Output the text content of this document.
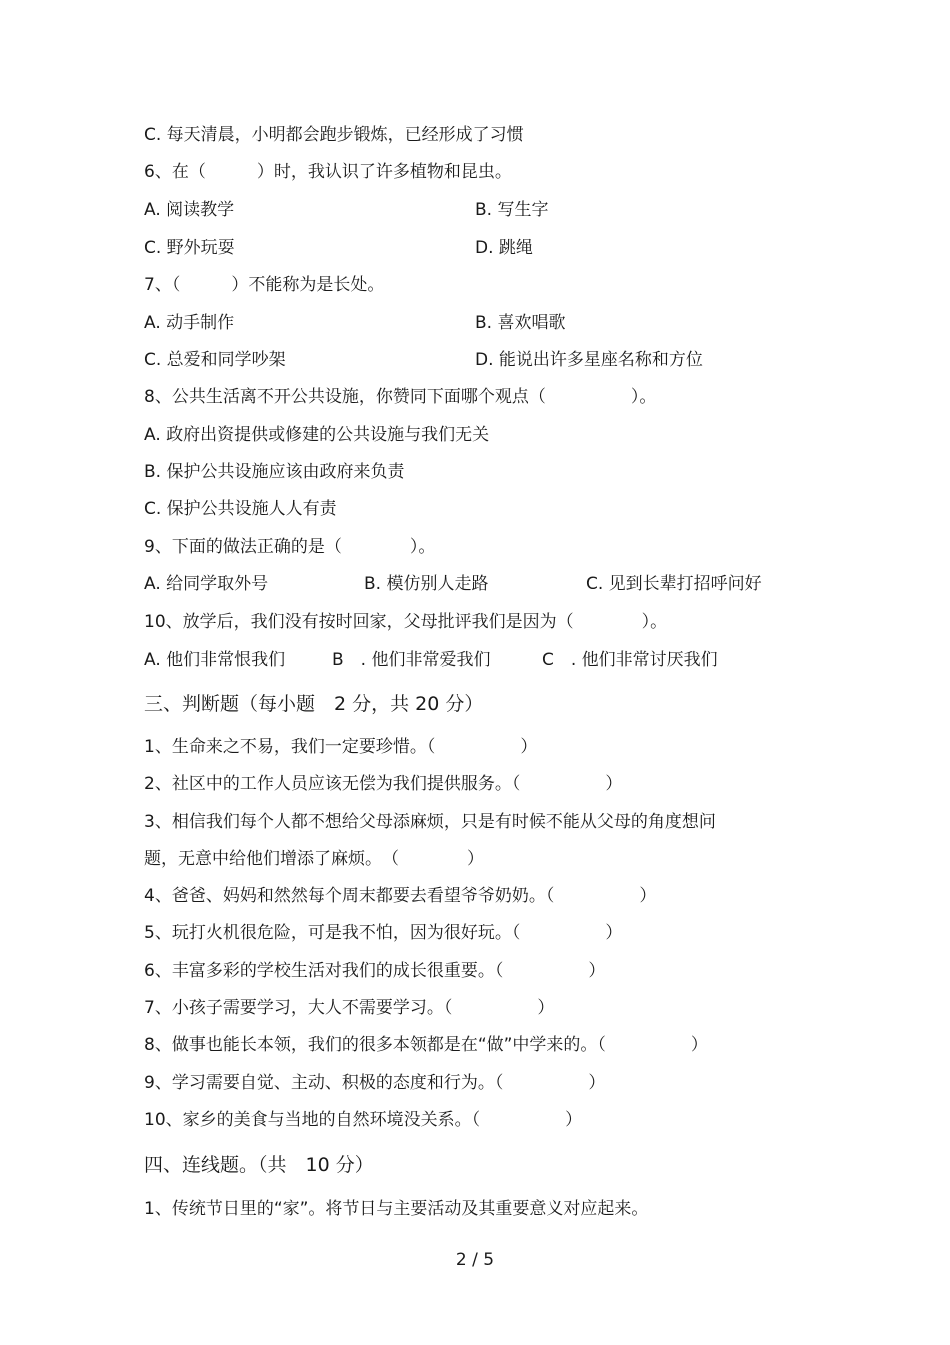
C. 每天清晨，小明都会跑步锻炼，已经形成了习惯
6、在（　　　）时，我认识了许多植物和昆虫。
A. 阅读教学	B. 写生字
C. 野外玩耍	D. 跳绳
7、（　　　）不能称为是长处。
A. 动手制作	B. 喜欢唱歌
C. 总爱和同学吵架	D. 能说出许多星座名称和方位
8、公共生活离不开公共设施，你赞同下面哪个观点（　　　　　）。
A. 政府出资提供或修建的公共设施与我们无关
B. 保护公共设施应该由政府来负责
C. 保护公共设施人人有责
9、下面的做法正确的是（　　　　）。
A. 给同学取外号	B. 模仿别人走路	C. 见到长辈打招呼问好
10、放学后，我们没有按时回家，父母批评我们是因为（　　　　）。
A. 他们非常恨我们	B　. 他们非常爱我们	C　. 他们非常讨厌我们
三、判断题（每小题　2 分，共 20 分）
1、生命来之不易，我们一定要珍惜。（　　　　　）
2、社区中的工作人员应该无偿为我们提供服务。（　　　　　）
3、相信我们每个人都不想给父母添麻烦，只是有时候不能从父母的角度想问
题，无意中给他们增添了麻烦。　（　　　　）
4、爸爸、妈妈和然然每个周末都要去看望爷爷奶奶。（　　　　　）
5、玩打火机很危险，可是我不怕，因为很好玩。（　　　　　）
6、丰富多彩的学校生活对我们的成长很重要。（　　　　　）
7、小孩子需要学习，大人不需要学习。（　　　　　）
8、做事也能长本领，我们的很多本领都是在“做”中学来的。（　　　　　）
9、学习需要自觉、主动、积极的态度和行为。（　　　　　）
10、家乡的美食与当地的自然环境没关系。（　　　　　）
四、连线题。（共　10 分）
1、传统节日里的“家”。将节日与主要活动及其重要意义对应起来。
2 / 5
